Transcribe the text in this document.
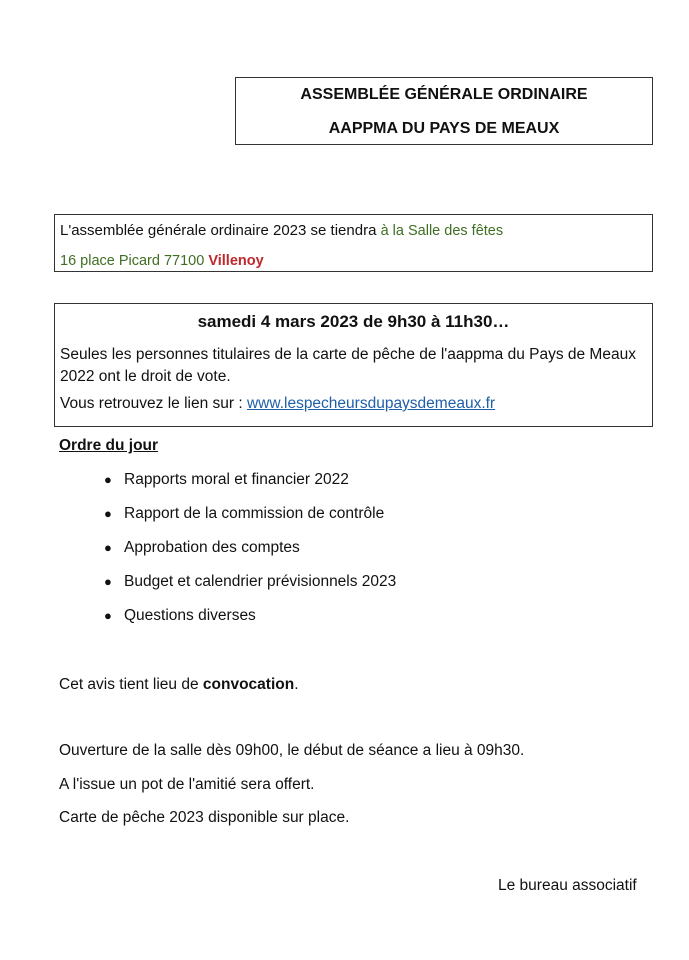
ASSEMBLÉE GÉNÉRALE ORDINAIRE
AAPPMA DU PAYS DE MEAUX
L'assemblée générale ordinaire 2023 se tiendra à la Salle des fêtes
16 place Picard 77100 Villenoy
samedi 4 mars 2023 de 9h30 à 11h30…
Seules les personnes titulaires de la carte de pêche de l'aappma du Pays de Meaux 2022 ont le droit de vote.
Vous retrouvez le lien sur : www.lespecheursdupaysdemeaux.fr
Ordre du jour
● Rapports moral et financier 2022
● Rapport de la commission de contrôle
● Approbation des comptes
● Budget et calendrier prévisionnels 2023
● Questions diverses
Cet avis tient lieu de convocation.
Ouverture de la salle dès 09h00, le début de séance a lieu à 09h30.
A l'issue un pot de l'amitié sera offert.
Carte de pêche 2023 disponible sur place.
Le bureau associatif
